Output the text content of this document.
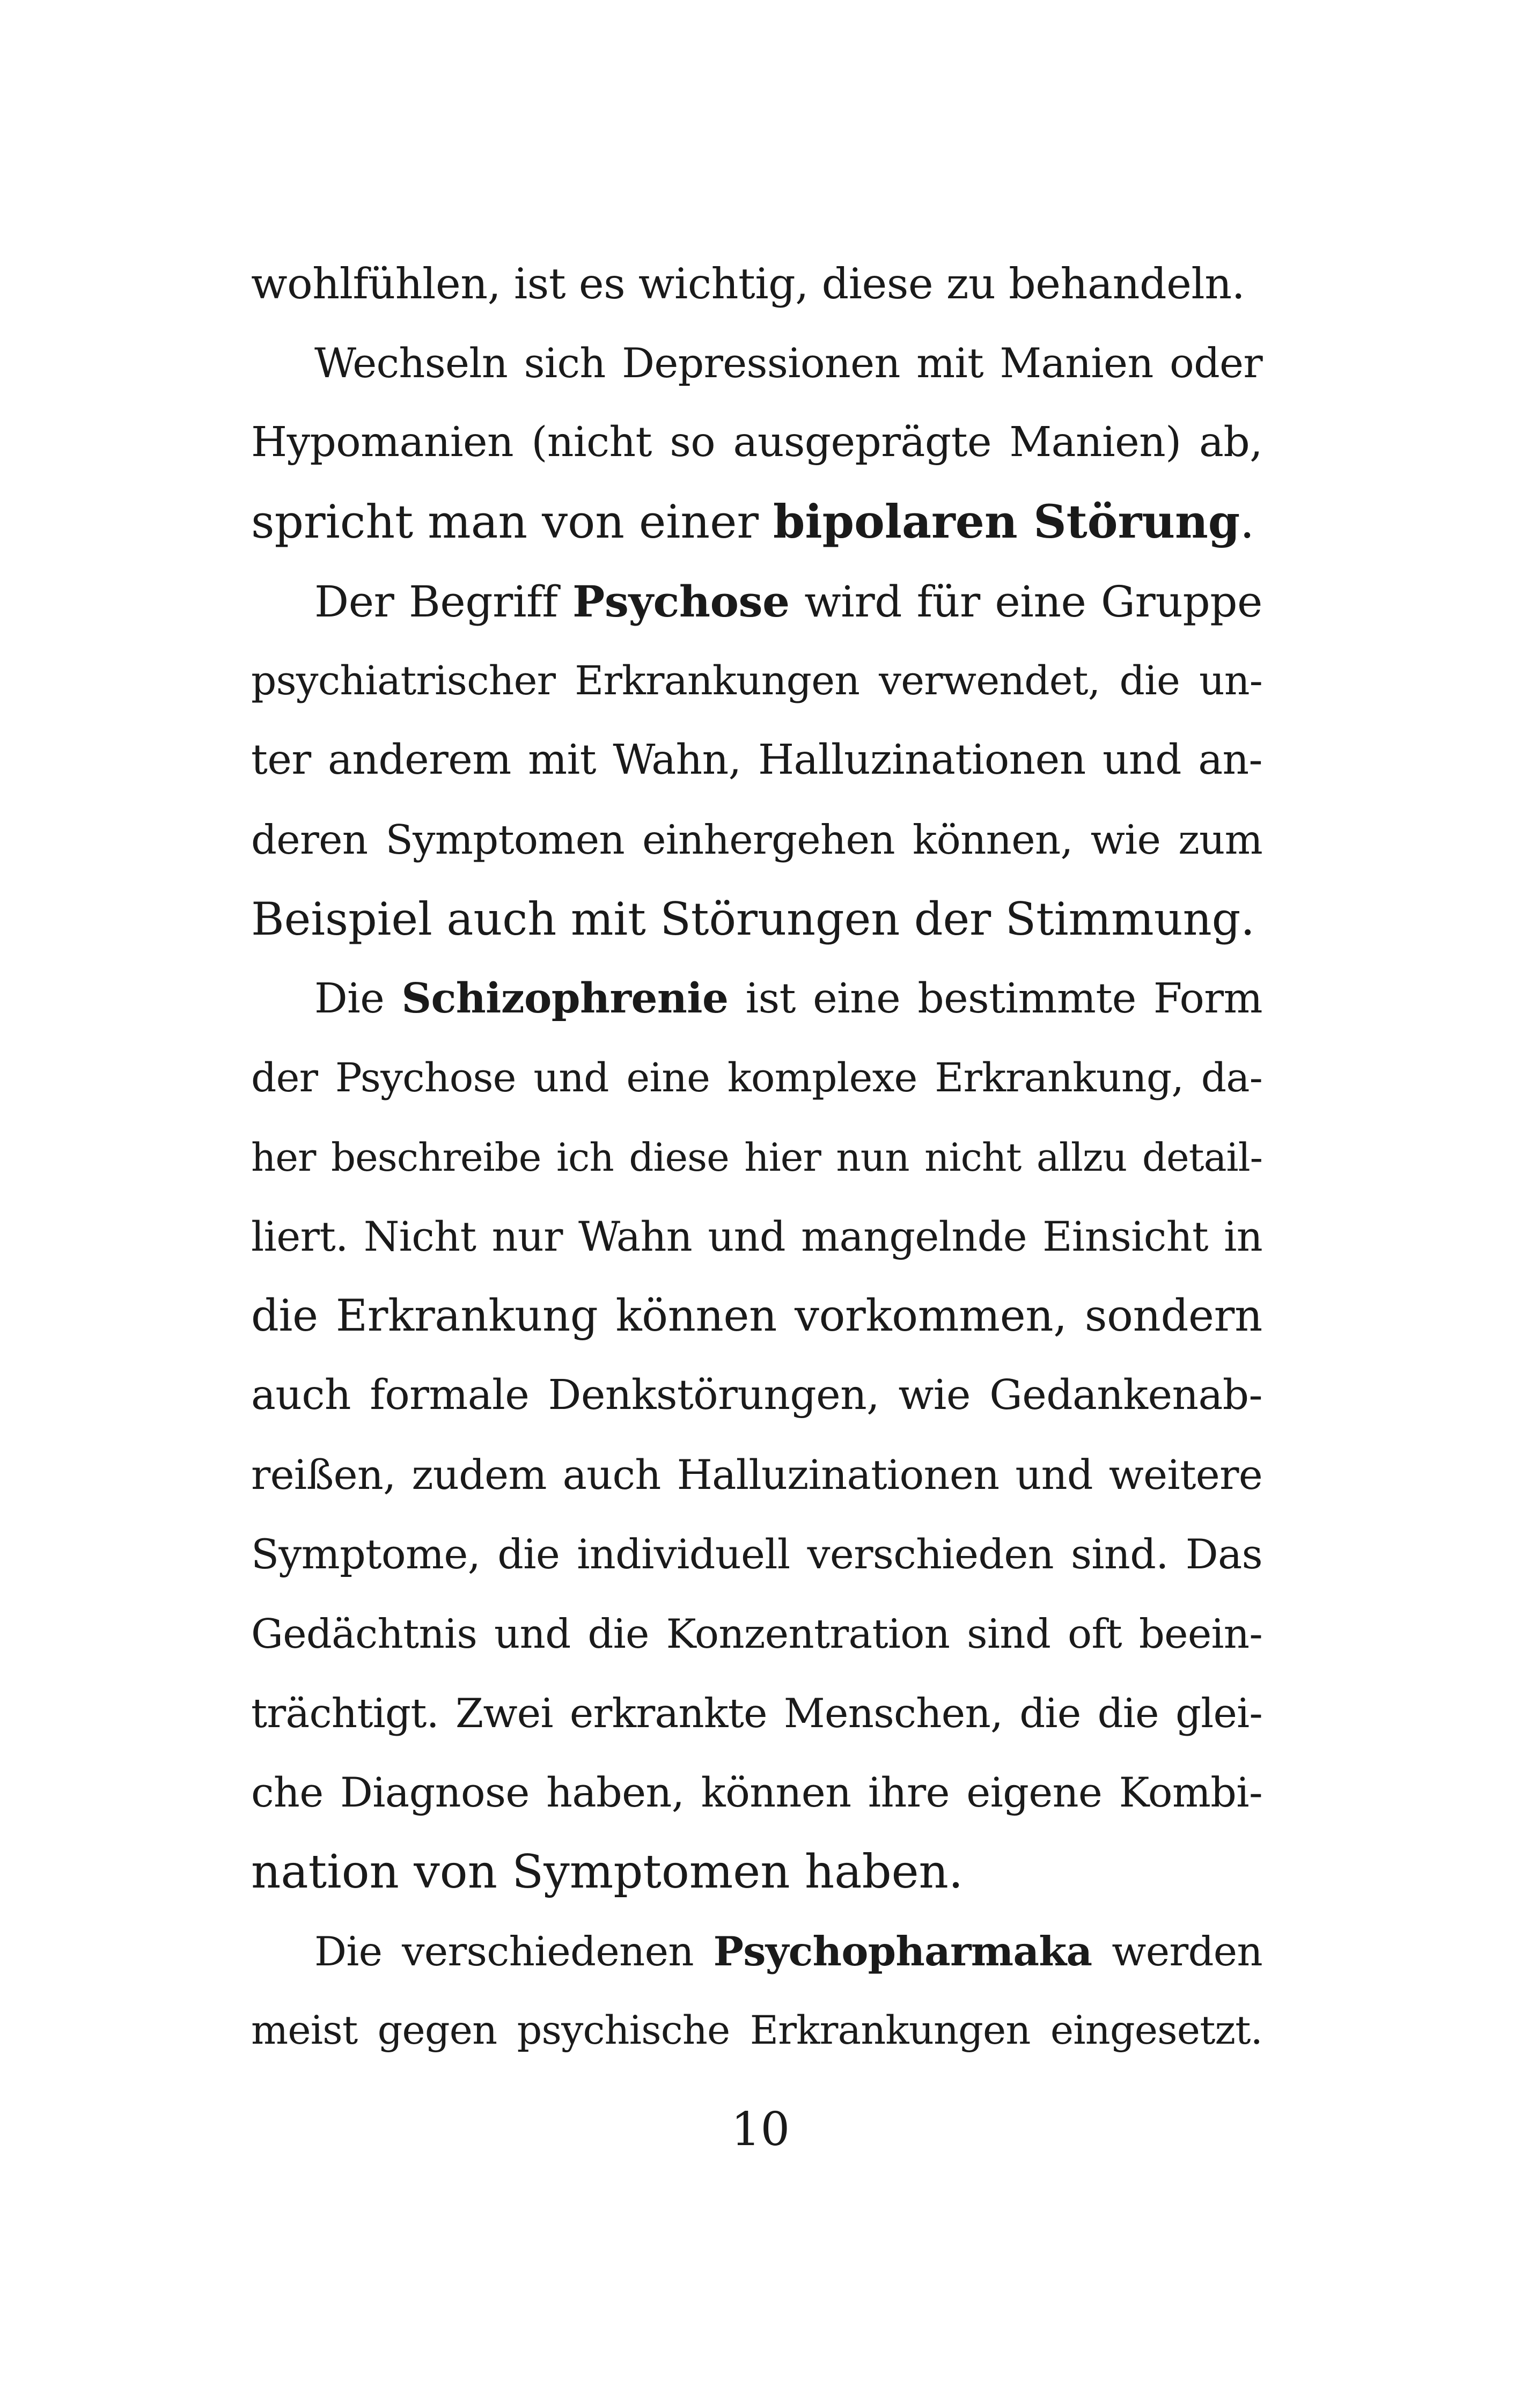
wohlfühlen, ist es wichtig, diese zu behandeln.
Wechseln sich Depressionen mit Manien oder
Hypomanien (nicht so ausgeprägte Manien) ab,
spricht man von einer bipolaren Störung.
Der Begriff Psychose wird für eine Gruppe
psychiatrischer Erkrankungen verwendet, die un-
ter anderem mit Wahn, Halluzinationen und an-
deren Symptomen einhergehen können, wie zum
Beispiel auch mit Störungen der Stimmung.
Die Schizophrenie ist eine bestimmte Form
der Psychose und eine komplexe Erkrankung, da-
her beschreibe ich diese hier nun nicht allzu detail-
liert. Nicht nur Wahn und mangelnde Einsicht in
die Erkrankung können vorkommen, sondern
auch formale Denkstörungen, wie Gedankenab-
reißen, zudem auch Halluzinationen und weitere
Symptome, die individuell verschieden sind. Das
Gedächtnis und die Konzentration sind oft beein-
trächtigt. Zwei erkrankte Menschen, die die glei-
che Diagnose haben, können ihre eigene Kombi-
nation von Symptomen haben.
Die verschiedenen Psychopharmaka werden
meist gegen psychische Erkrankungen eingesetzt.
10
